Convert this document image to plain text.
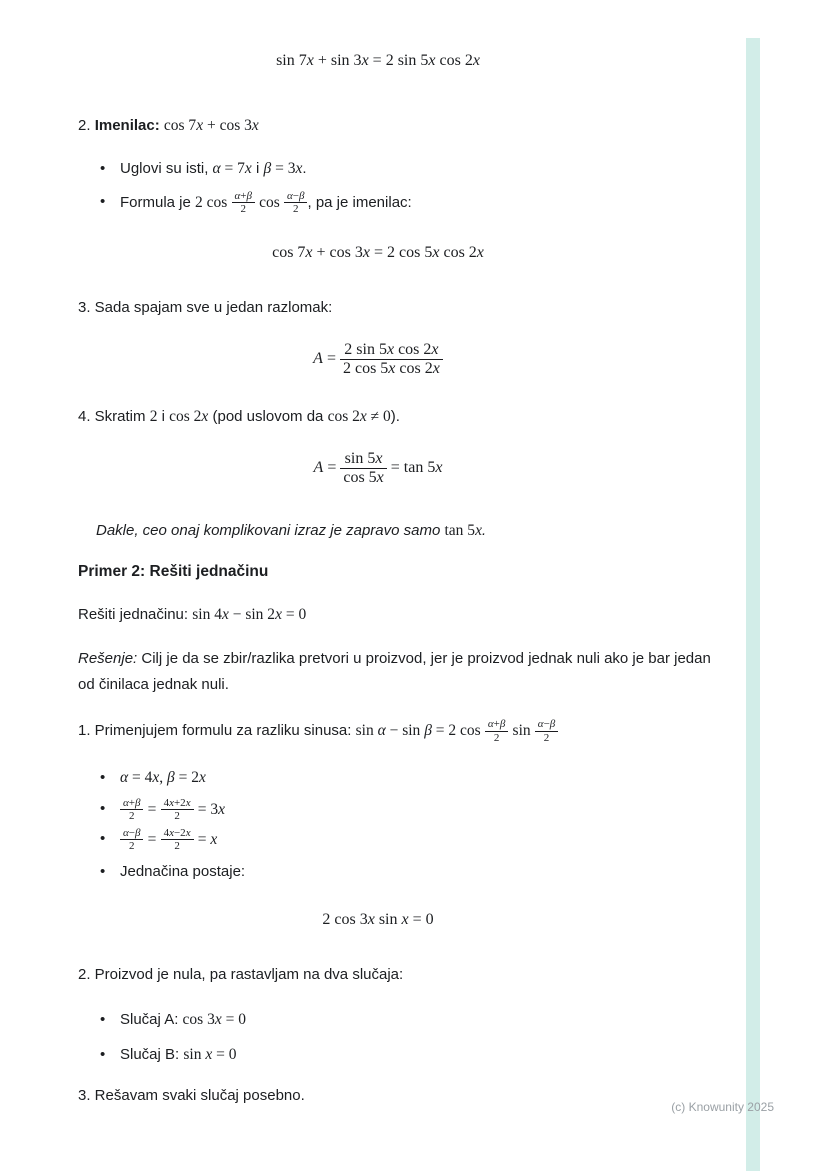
(c) Knowunity 2025
sin 7x + sin 3x = 2 sin 5x cos 2x

2. Imenilac: cos 7x + cos 3x

• Uglovi su isti, α = 7x i β = 3x.
• Formula je 2 $\cos \frac{\alpha+\beta}{2}$ $\cos \frac{\alpha-\beta}{2}$ , pa je imenilac:
cos 7x + cos 3x = 2 cos 5x cos 2x

3. Sada spajam sve u jedan razlomak:

$A = \frac{\text{2 sin 5x cos 2x}}{\text{2 cos 5x cos 2x}}$

4. Skratim 2 i cos 2x (pod uslovom da cos 2x ≠ 0).

$A = \frac{\sin 5x}{\cos 5x} = \tan 5x$

Dakle, ceo onaj komplikovani izraz je zapravo samo tan 5x.

Primer 2: Rešiti jednačinu

Rešiti jednačinu: sin 4x − sin 2x = 0

Rešenje: Cilj je da se zbir/razlika pretvori u proizvod, jer je proizvod jednak nuli ako je bar jedan od činilaca jednak nuli.

1. Primenjujem formulu za razliku sinusa: sin α − sin β = 2 $\cos \frac{\alpha+\beta}{2}$ $\sin \frac{\alpha-\beta}{2}$

• α = 4x, β = 2x
• $\frac{\alpha+\beta}{2} = \frac{4x+2x}{2} = 3x$
• $\frac{\alpha-\beta}{2} = \frac{4x-2x}{2} = x$
• Jednačina postaje:
2 cos 3x sin x = 0

2. Proizvod je nula, pa rastavljam na dva slučaja:

• Slučaj A: cos 3x = 0
• Slučaj B: sin x = 0

3. Rešavam svaki slučaj posebno.
